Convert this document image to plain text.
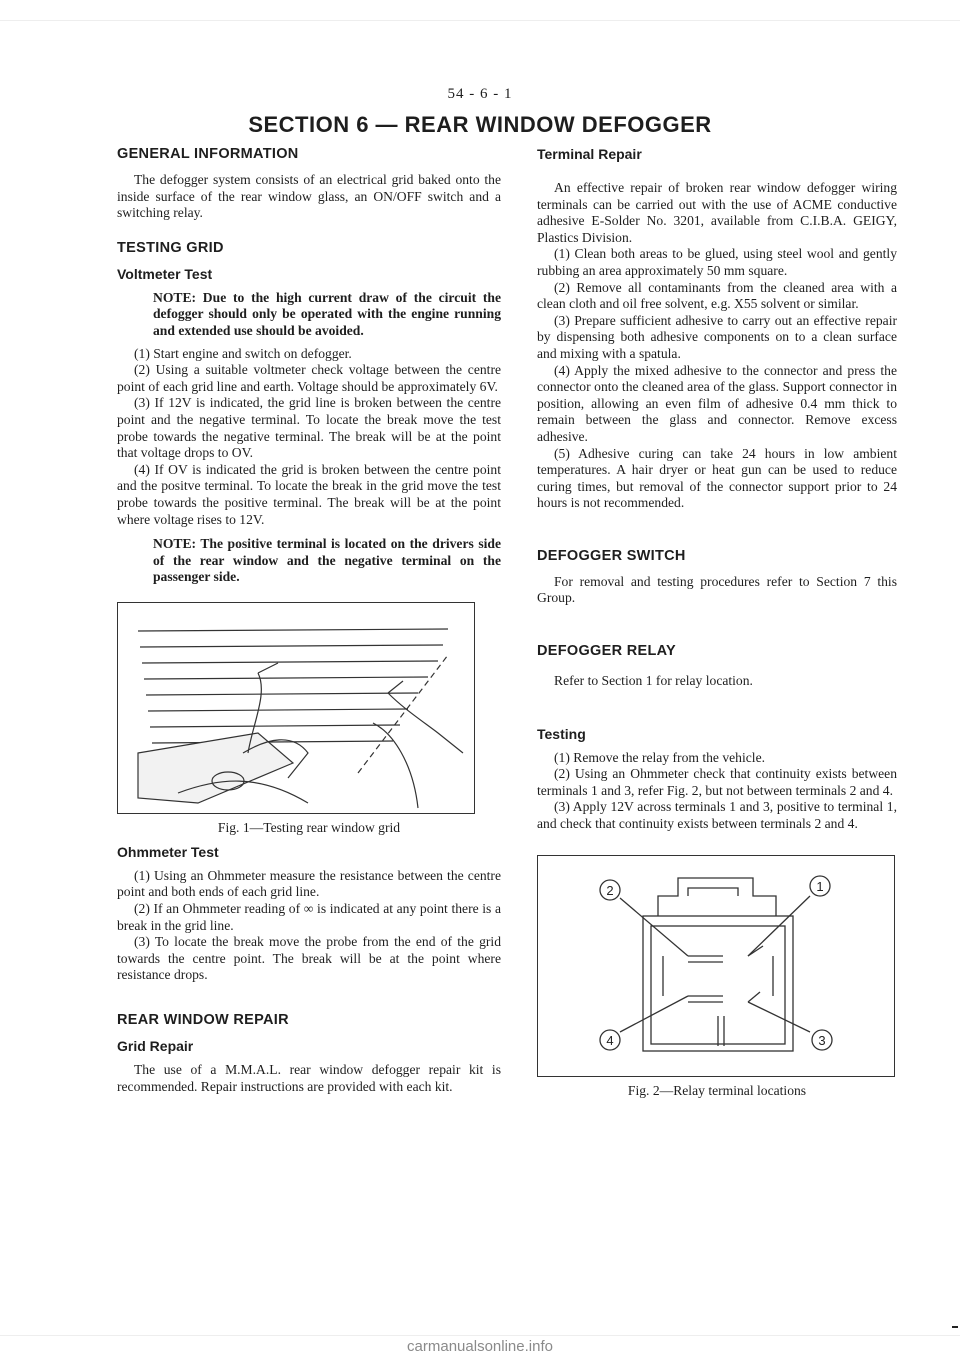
54 - 6 - 1
SECTION 6 — REAR WINDOW DEFOGGER
GENERAL INFORMATION

The defogger system consists of an electrical grid baked onto the inside surface of the rear window glass, an ON/OFF switch and a switching relay.

TESTING GRID
Voltmeter Test

NOTE: Due to the high current draw of the circuit the defogger should only be operated with the engine running and extended use should be avoided.

(1) Start engine and switch on defogger.

(2) Using a suitable voltmeter check voltage between the centre point of each grid line and earth. Voltage should be approximately 6V.

(3) If 12V is indicated, the grid line is broken between the centre point and the negative terminal. To locate the break move the test probe towards the negative terminal. The break will be at the point that voltage drops to OV.

(4) If OV is indicated the grid is broken between the centre point and the positve terminal. To locate the break in the grid move the test probe towards the positive terminal. The break will be at the point where voltage rises to 12V.

NOTE: The positive terminal is located on the drivers side of the rear window and the negative terminal on the passenger side.

Fig. 1—Testing rear window grid
Ohmmeter Test

(1) Using an Ohmmeter measure the resistance between the centre point and both ends of each grid line.

(2) If an Ohmmeter reading of ∞ is indicated at any point there is a break in the grid line.

(3) To locate the break move the probe from the end of the grid towards the centre point. The break will be at the point where resistance drops.

REAR WINDOW REPAIR
Grid Repair

The use of a M.M.A.L. rear window defogger repair kit is recommended. Repair instructions are provided with each kit.

Terminal Repair

An effective repair of broken rear window defogger wiring terminals can be carried out with the use of ACME conductive adhesive E-Solder No. 3201, available from C.I.B.A. GEIGY, Plastics Division.

(1) Clean both areas to be glued, using steel wool and gently rubbing an area approximately 50 mm square.

(2) Remove all contaminants from the cleaned area with a clean cloth and oil free solvent, e.g. X55 solvent or similar.

(3) Prepare sufficient adhesive to carry out an effective repair by dispensing both adhesive components on to a clean surface and mixing with a spatula.

(4) Apply the mixed adhesive to the connector and press the connector onto the cleaned area of the glass. Support connector in position, allowing an even film of adhesive 0.4 mm thick to remain between the glass and connector. Remove excess adhesive.

(5) Adhesive curing can take 24 hours in low ambient temperatures. A hair dryer or heat gun can be used to reduce curing times, but removal of the connector support prior to 24 hours is not recommended.

DEFOGGER SWITCH

For removal and testing procedures refer to Section 7 this Group.

DEFOGGER RELAY

Refer to Section 1 for relay location.

Testing

(1) Remove the relay from the vehicle.

(2) Using an Ohmmeter check that continuity exists between terminals 1 and 3, refer Fig. 2, but not between terminals 2 and 4.

(3) Apply 12V across terminals 1 and 3, positive to terminal 1, and check that continuity exists between terminals 2 and 4.

2	1
4	3
Fig. 2—Relay terminal locations
carmanualsonline.info
